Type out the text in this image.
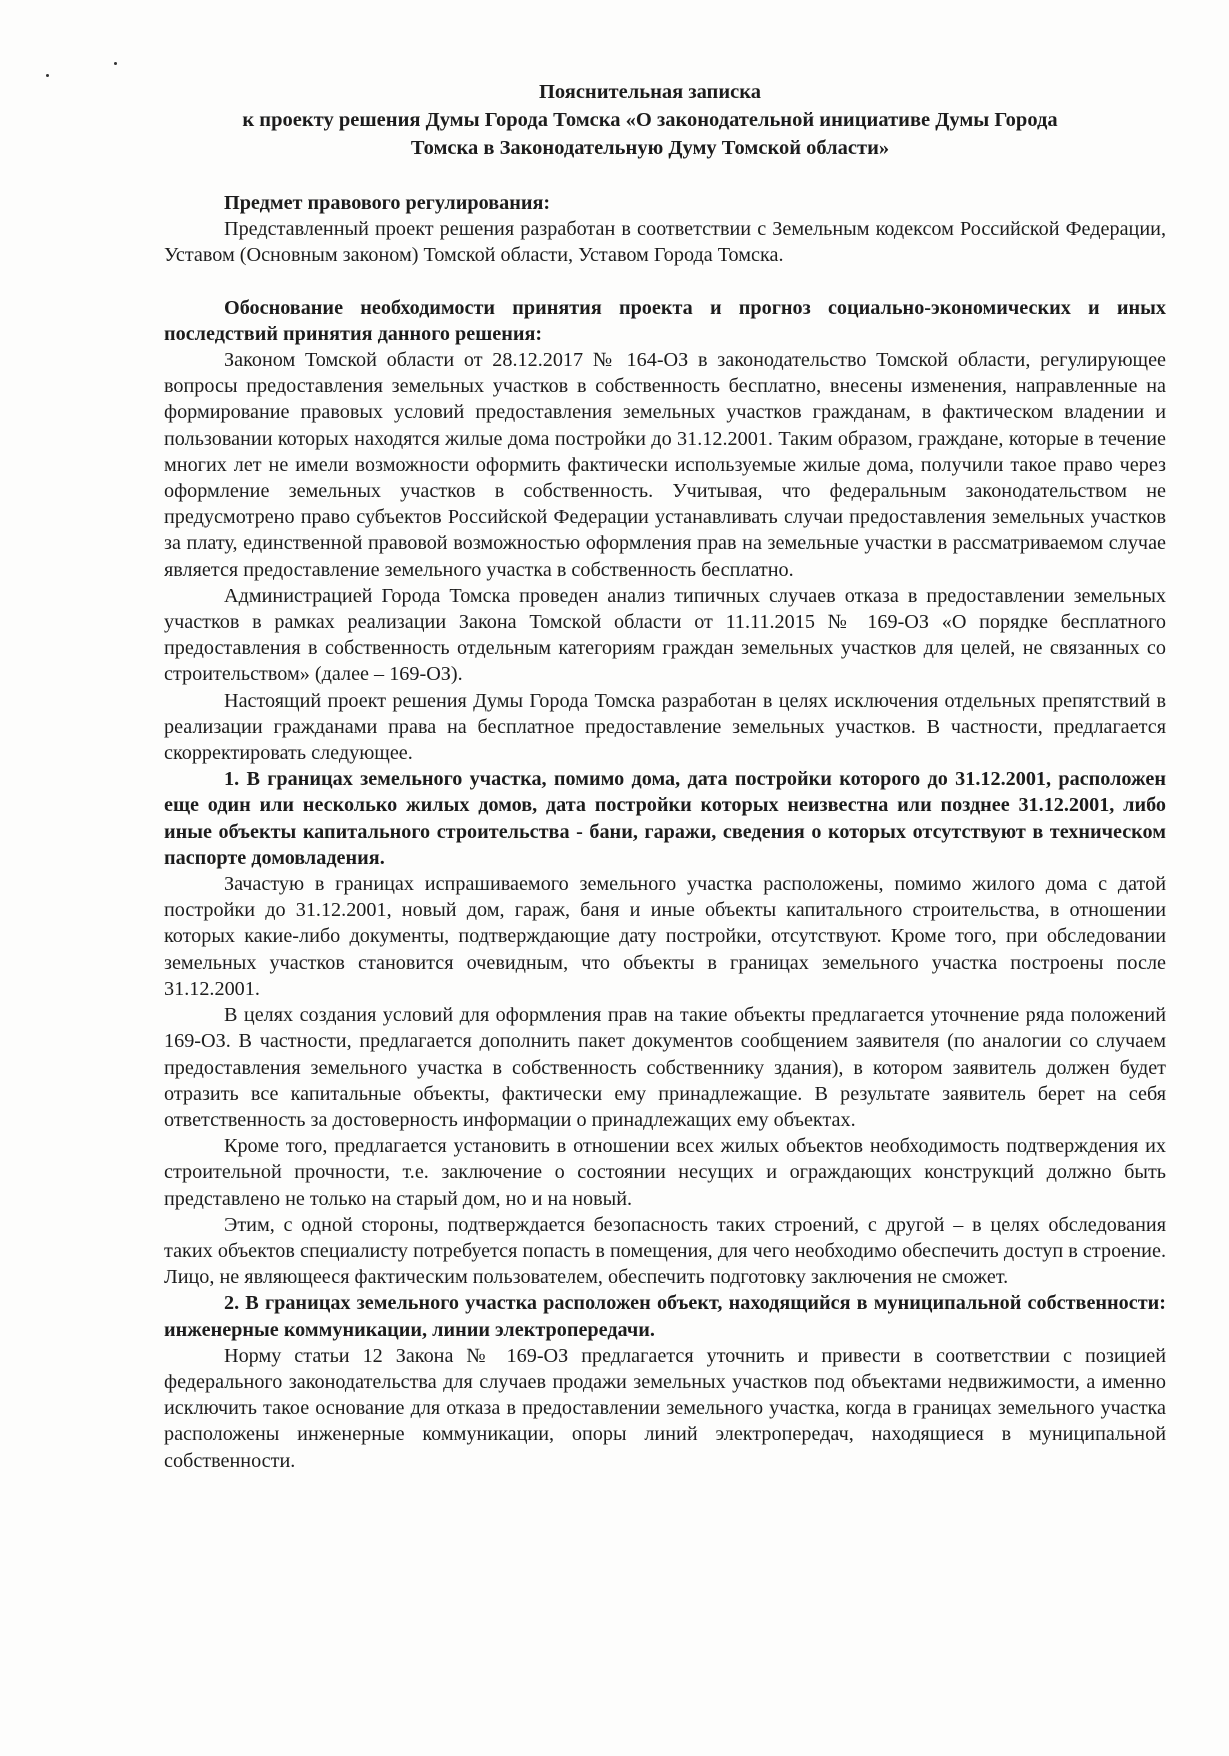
Пояснительная записка
к проекту решения Думы Города Томска «О законодательной инициативе Думы Города
Томска в Законодательную Думу Томской области»

Предмет правового регулирования:

Представленный проект решения разработан в соответствии с Земельным кодексом Российской Федерации, Уставом (Основным законом) Томской области, Уставом Города Томска.

Обоснование необходимости принятия проекта и прогноз социально-экономических и иных последствий принятия данного решения:

Законом Томской области от 28.12.2017 № 164-ОЗ в законодательство Томской области, регулирующее вопросы предоставления земельных участков в собственность бесплатно, внесены изменения, направленные на формирование правовых условий предоставления земельных участков гражданам, в фактическом владении и пользовании которых находятся жилые дома постройки до 31.12.2001. Таким образом, граждане, которые в течение многих лет не имели возможности оформить фактически используемые жилые дома, получили такое право через оформление земельных участков в собственность. Учитывая, что федеральным законодательством не предусмотрено право субъектов Российской Федерации устанавливать случаи предоставления земельных участков за плату, единственной правовой возможностью оформления прав на земельные участки в рассматриваемом случае является предоставление земельного участка в собственность бесплатно.

Администрацией Города Томска проведен анализ типичных случаев отказа в предоставлении земельных участков в рамках реализации Закона Томской области от 11.11.2015 № 169-ОЗ «О порядке бесплатного предоставления в собственность отдельным категориям граждан земельных участков для целей, не связанных со строительством» (далее – 169-ОЗ).

Настоящий проект решения Думы Города Томска разработан в целях исключения отдельных препятствий в реализации гражданами права на бесплатное предоставление земельных участков. В частности, предлагается скорректировать следующее.

1. В границах земельного участка, помимо дома, дата постройки которого до 31.12.2001, расположен еще один или несколько жилых домов, дата постройки которых неизвестна или позднее 31.12.2001, либо иные объекты капитального строительства - бани, гаражи, сведения о которых отсутствуют в техническом паспорте домовладения.

Зачастую в границах испрашиваемого земельного участка расположены, помимо жилого дома с датой постройки до 31.12.2001, новый дом, гараж, баня и иные объекты капитального строительства, в отношении которых какие-либо документы, подтверждающие дату постройки, отсутствуют. Кроме того, при обследовании земельных участков становится очевидным, что объекты в границах земельного участка построены после 31.12.2001.

В целях создания условий для оформления прав на такие объекты предлагается уточнение ряда положений 169-ОЗ. В частности, предлагается дополнить пакет документов сообщением заявителя (по аналогии со случаем предоставления земельного участка в собственность собственнику здания), в котором заявитель должен будет отразить все капитальные объекты, фактически ему принадлежащие. В результате заявитель берет на себя ответственность за достоверность информации о принадлежащих ему объектах.

Кроме того, предлагается установить в отношении всех жилых объектов необходимость подтверждения их строительной прочности, т.е. заключение о состоянии несущих и ограждающих конструкций должно быть представлено не только на старый дом, но и на новый.

Этим, с одной стороны, подтверждается безопасность таких строений, с другой – в целях обследования таких объектов специалисту потребуется попасть в помещения, для чего необходимо обеспечить доступ в строение. Лицо, не являющееся фактическим пользователем, обеспечить подготовку заключения не сможет.

2. В границах земельного участка расположен объект, находящийся в муниципальной собственности: инженерные коммуникации, линии электропередачи.

Норму статьи 12 Закона № 169-ОЗ предлагается уточнить и привести в соответствии с позицией федерального законодательства для случаев продажи земельных участков под объектами недвижимости, а именно исключить такое основание для отказа в предоставлении земельного участка, когда в границах земельного участка расположены инженерные коммуникации, опоры линий электропередач, находящиеся в муниципальной собственности.
